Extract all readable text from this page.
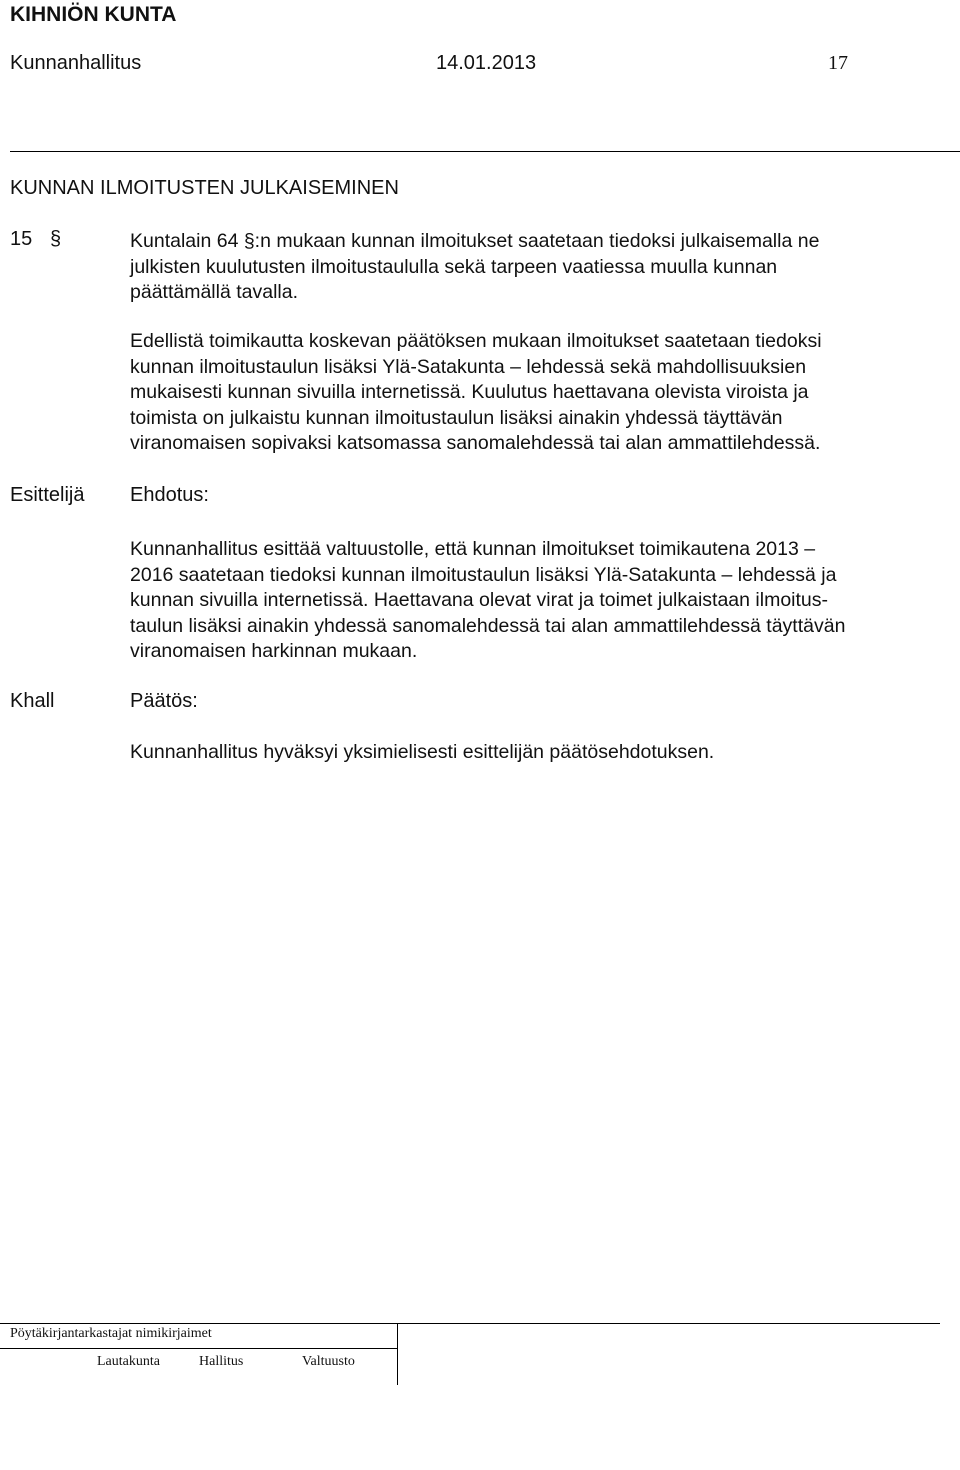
KIHNIÖN KUNTA
Kunnanhallitus	14.01.2013	17
KUNNAN ILMOITUSTEN JULKAISEMINEN
15 §	Kuntalain 64 §:n mukaan kunnan ilmoitukset saatetaan tiedoksi julkaisemalla ne
julkisten kuulutusten ilmoitustaululla sekä tarpeen vaatiessa muulla kunnan
päättämällä tavalla.
Edellistä toimikautta koskevan päätöksen mukaan ilmoitukset saatetaan tiedoksi
kunnan ilmoitustaulun lisäksi Ylä-Satakunta – lehdessä sekä mahdollisuuksien
mukaisesti kunnan sivuilla internetissä. Kuulutus haettavana olevista viroista ja
toimista on julkaistu kunnan ilmoitustaulun lisäksi ainakin yhdessä täyttävän
viranomaisen sopivaksi katsomassa sanomalehdessä tai alan ammattilehdessä.
Esittelijä Ehdotus:
Kunnanhallitus esittää valtuustolle, että kunnan ilmoitukset toimikautena 2013 –
2016 saatetaan tiedoksi kunnan ilmoitustaulun lisäksi Ylä-Satakunta – lehdessä ja
kunnan sivuilla internetissä. Haettavana olevat virat ja toimet julkaistaan ilmoitus-
taulun lisäksi ainakin yhdessä sanomalehdessä tai alan ammattilehdessä täyttävän
viranomaisen harkinnan mukaan.
Khall	Päätös:
Kunnanhallitus hyväksyi yksimielisesti esittelijän päätösehdotuksen.
Pöytäkirjantarkastajat nimikirjaimet
Lautakunta	Hallitus	Valtuusto
